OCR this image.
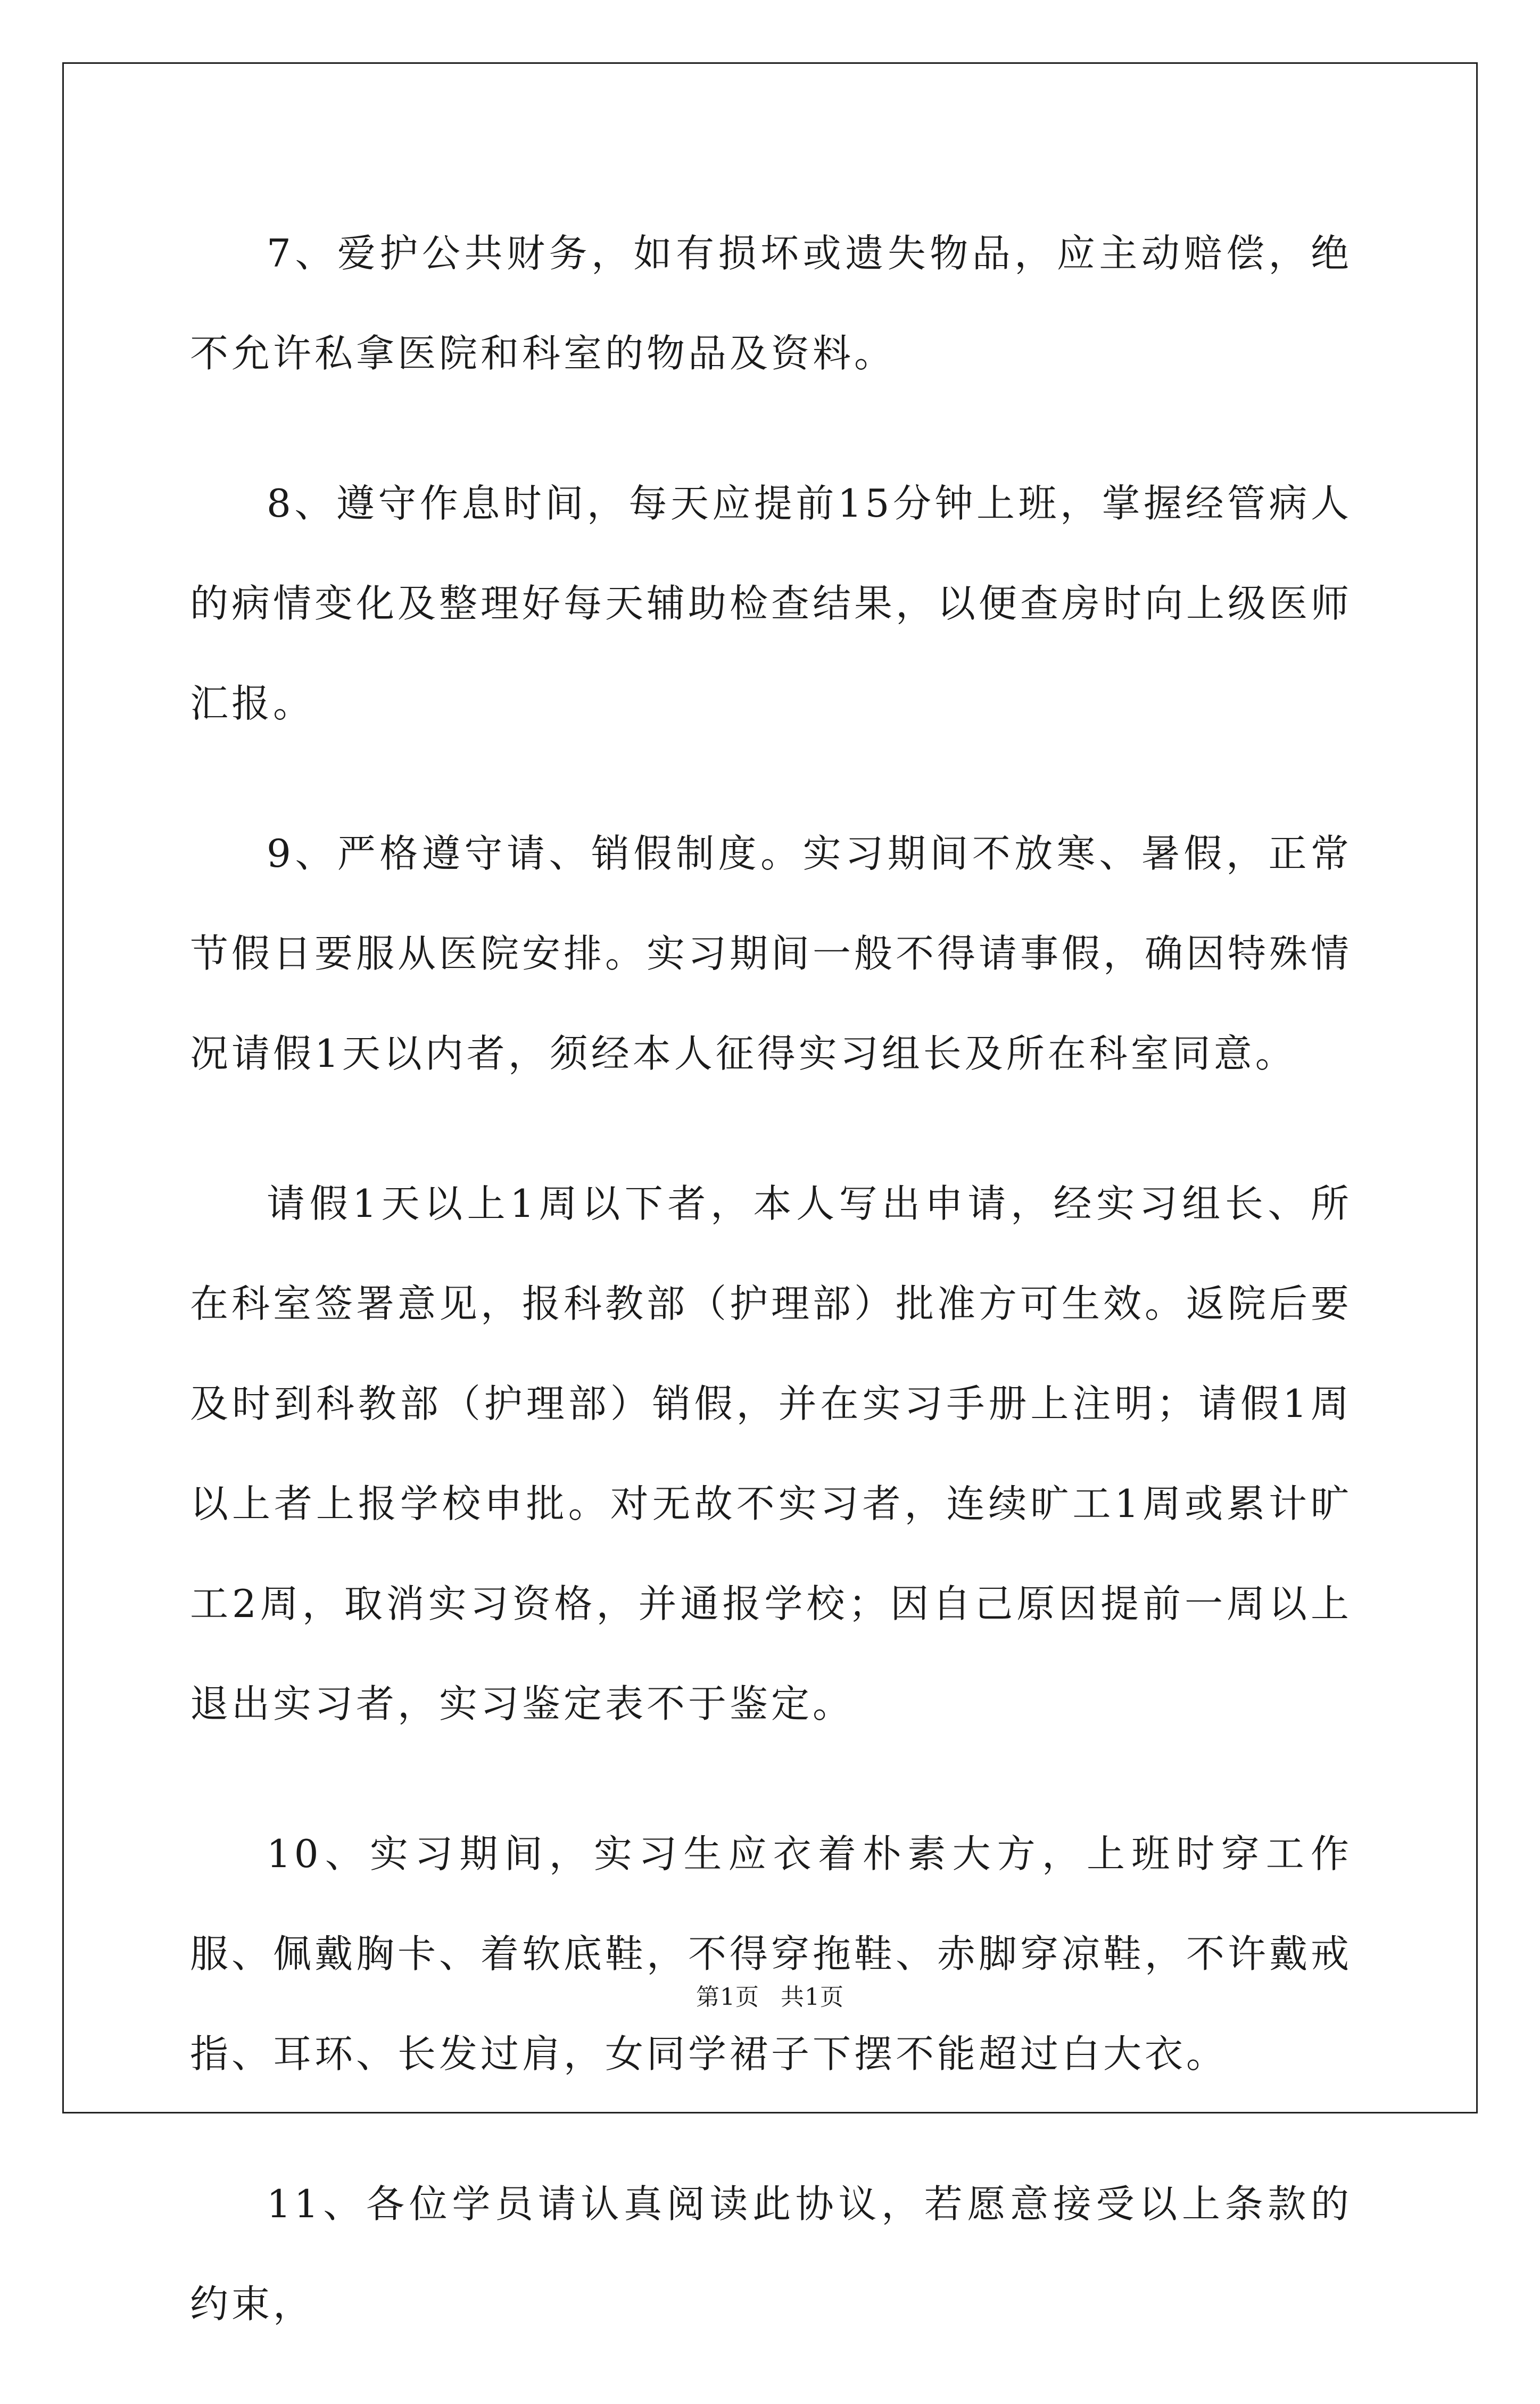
7、爱护公共财务，如有损坏或遗失物品，应主动赔偿，绝不允许私拿医院和科室的物品及资料。

8、遵守作息时间，每天应提前15分钟上班，掌握经管病人的病情变化及整理好每天辅助检查结果，以便查房时向上级医师汇报。

9、严格遵守请、销假制度。实习期间不放寒、暑假，正常节假日要服从医院安排。实习期间一般不得请事假，确因特殊情况请假1天以内者，须经本人征得实习组长及所在科室同意。

请假1天以上1周以下者，本人写出申请，经实习组长、所在科室签署意见，报科教部（护理部）批准方可生效。返院后要及时到科教部（护理部）销假，并在实习手册上注明；请假1周以上者上报学校申批。对无故不实习者，连续旷工1周或累计旷工2周，取消实习资格，并通报学校；因自己原因提前一周以上退出实习者，实习鉴定表不于鉴定。

10、实习期间，实习生应衣着朴素大方，上班时穿工作服、佩戴胸卡、着软底鞋，不得穿拖鞋、赤脚穿凉鞋，不许戴戒指、耳环、长发过肩，女同学裙子下摆不能超过白大衣。

11、各位学员请认真阅读此协议，若愿意接受以上条款的约束，

第1页 共1页
